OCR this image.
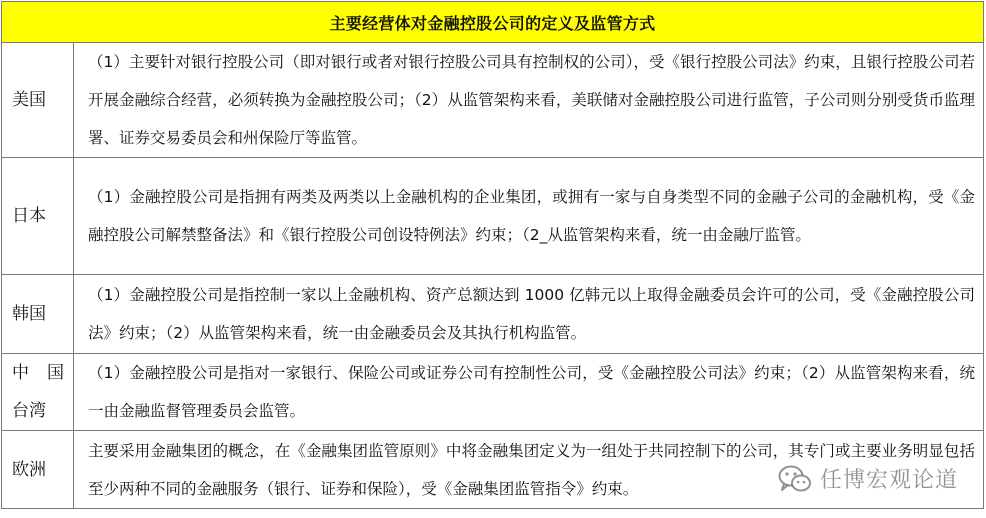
主要经营体对金融控股公司的定义及监管方式	
美国	（1）主要针对银行控股公司（即对银行或者对银行控股公司具有控制权的公司），受《银行控股公司法》约束，且银行控股公司若开展金融综合经营，必须转换为金融控股公司；（2）从监管架构来看，美联储对金融控股公司进行监管，子公司则分别受货币监理署、证券交易委员会和州保险厅等监管。
日本	（1）金融控股公司是指拥有两类及两类以上金融机构的企业集团，或拥有一家与自身类型不同的金融子公司的金融机构，受《金融控股公司解禁整备法》和《银行控股公司创设特例法》约束；（2_从监管架构来看，统一由金融厅监管。
韩国	（1）金融控股公司是指控制一家以上金融机构、资产总额达到 1000 亿韩元以上取得金融委员会许可的公司，受《金融控股公司法》约束；（2）从监管架构来看，统一由金融委员会及其执行机构监管。

中 国
台湾	（1）金融控股公司是指对一家银行、保险公司或证券公司有控制性公司，受《金融控股公司法》约束；（2）从监管架构来看，统一由金融监督管理委员会监管。
欧洲	主要采用金融集团的概念，在《金融集团监管原则》中将金融集团定义为一组处于共同控制下的公司，其专门或主要业务明显包括至少两种不同的金融服务（银行、证券和保险），受《金融集团监管指令》约束。	任博宏观论道
